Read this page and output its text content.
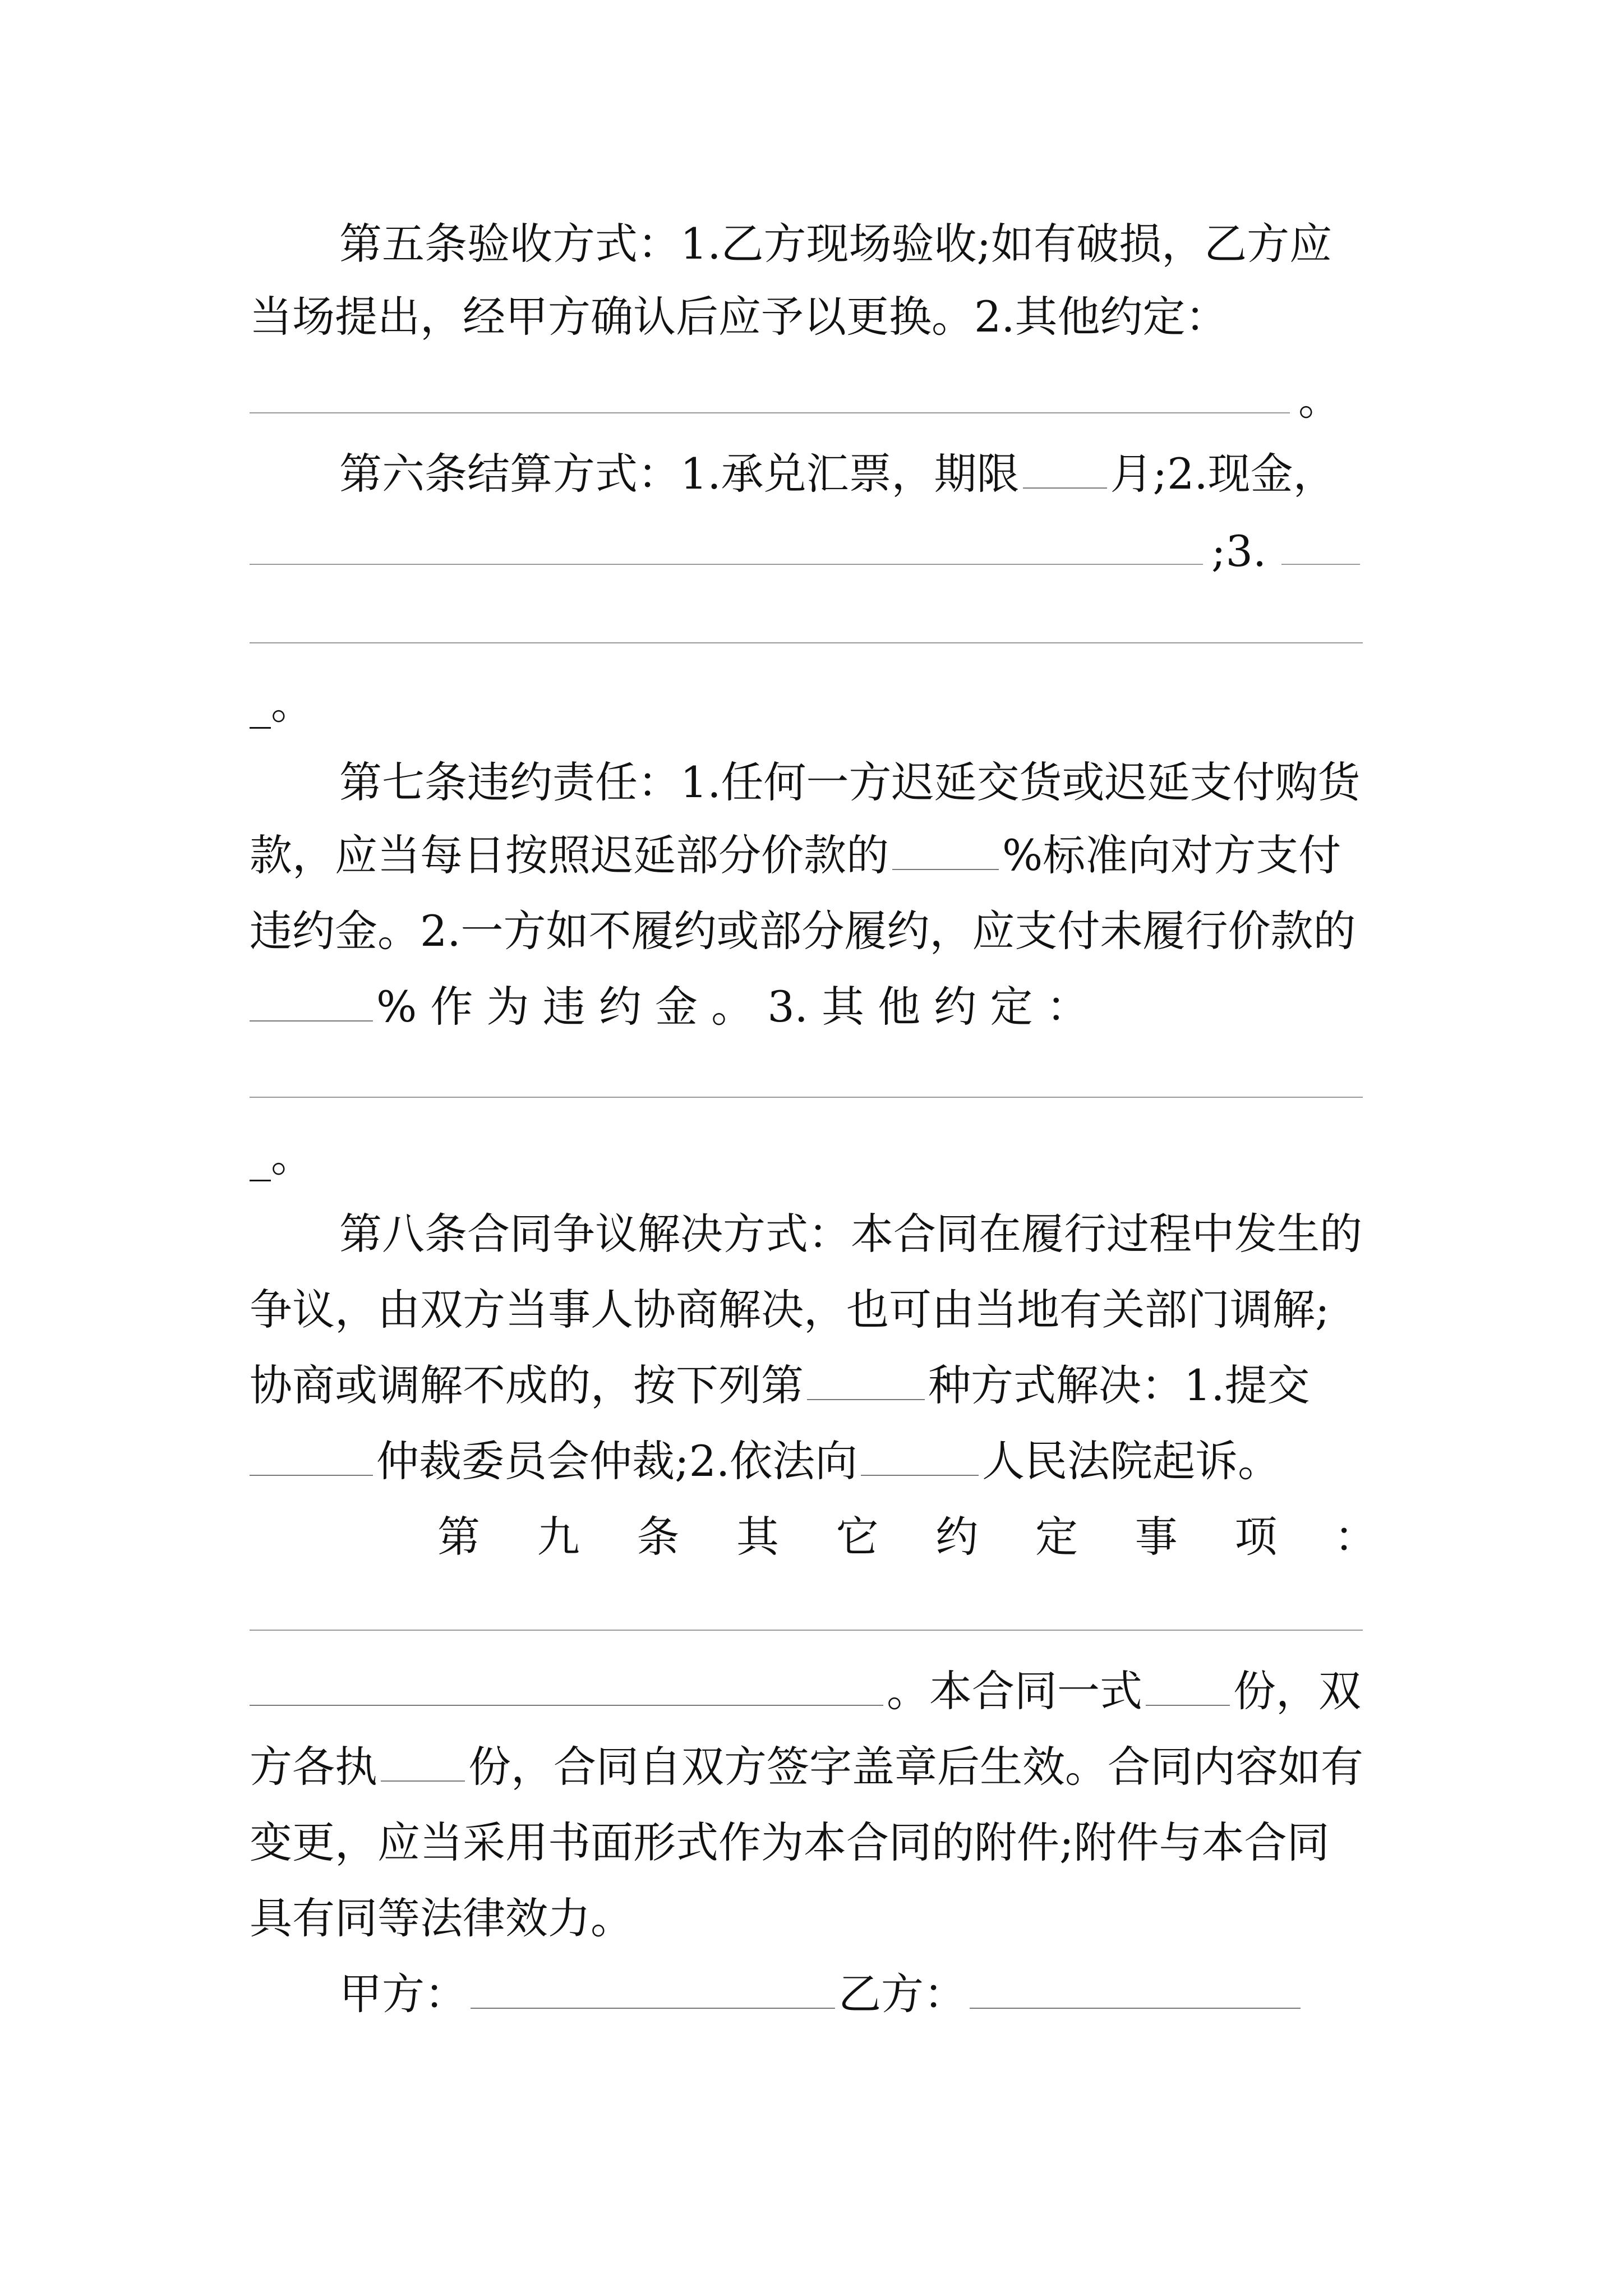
第五条验收方式：1.乙方现场验收;如有破损，乙方应

当场提出，经甲方确认后应予以更换。2.其他约定：

。

第六条结算方式：1.承兑汇票，期限 月;2.现金，

;3.

_。

第七条违约责任：1.任何一方迟延交货或迟延支付购货

款，应当每日按照迟延部分价款的	%标准向对方支付

违约金。2.一方如不履约或部分履约，应支付未履行价款的

% 作 为 违 约 金 。 3. 其 他 约 定 ：

_。

第八条合同争议解决方式：本合同在履行过程中发生的

争议，由双方当事人协商解决，也可由当地有关部门调解;

协商或调解不成的，按下列第	种方式解决：1.提交

仲裁委员会仲裁;2.依法向	人民法院起诉。

第 九 条 其 它 约 定 事 项 ：

。本合同一式 份，双

方各执 份，合同自双方签字盖章后生效。合同内容如有

变更，应当采用书面形式作为本合同的附件;附件与本合同

具有同等法律效力。

甲方：	乙方：
